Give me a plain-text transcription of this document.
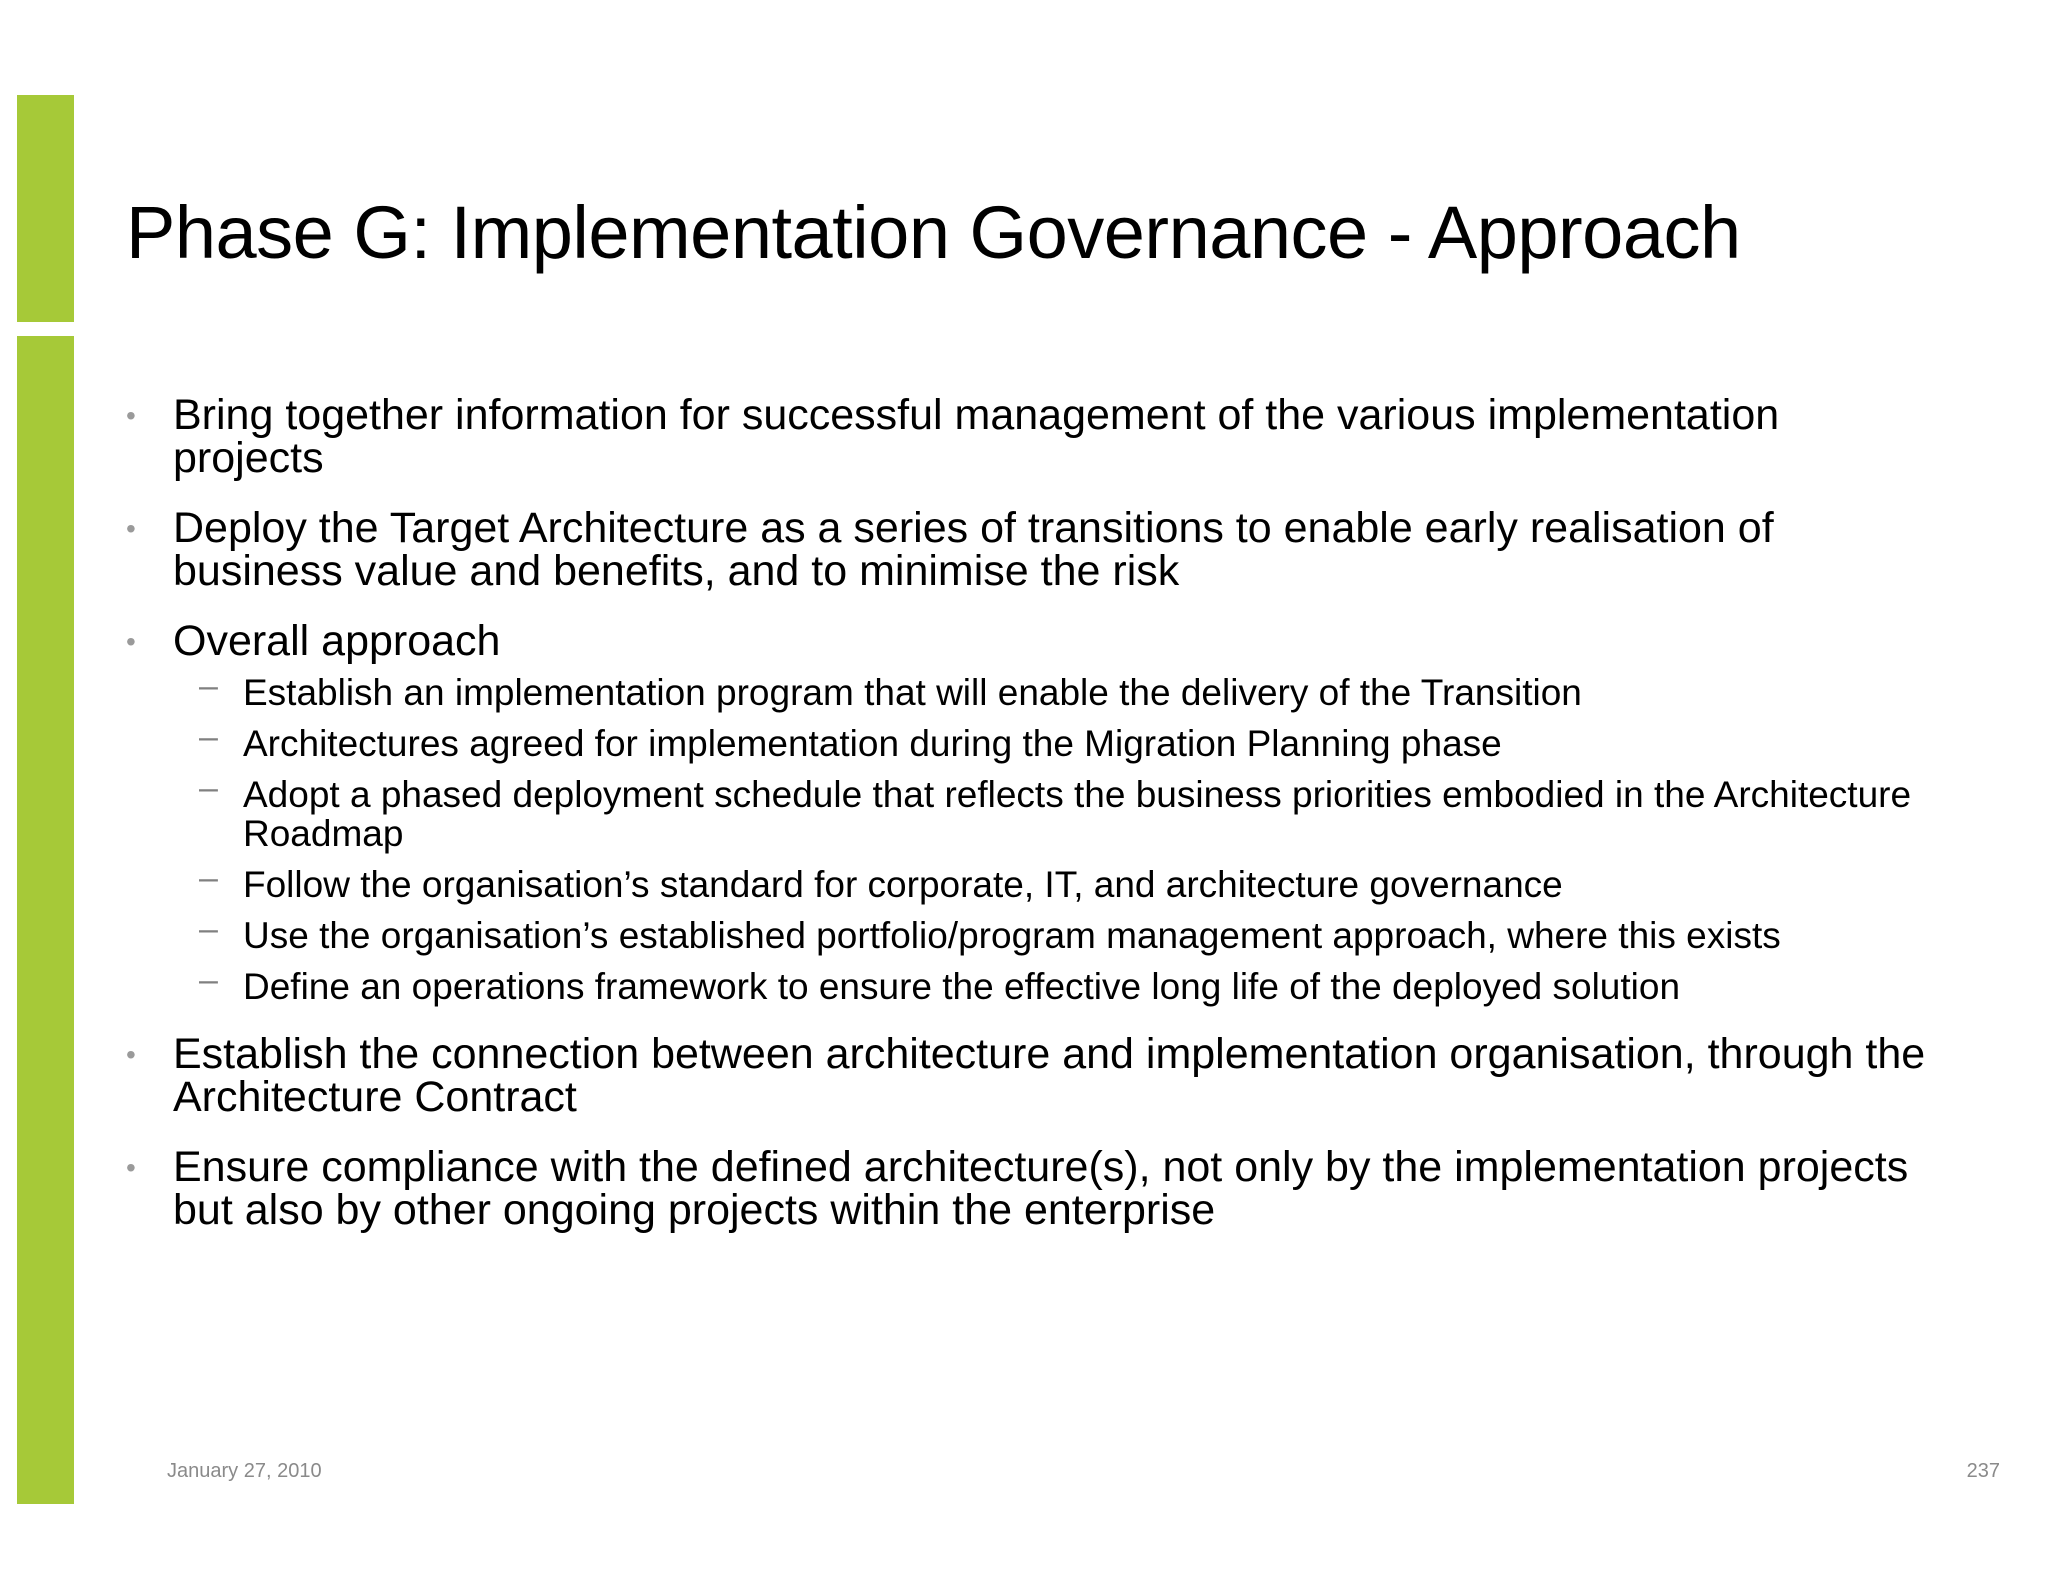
Phase G: Implementation Governance - Approach
• Bring together information for successful management of the various implementation projects
• Deploy the Target Architecture as a series of transitions to enable early realisation of business value and benefits, and to minimise the risk
• Overall approach
– Establish an implementation program that will enable the delivery of the Transition
– Architectures agreed for implementation during the Migration Planning phase
– Adopt a phased deployment schedule that reflects the business priorities embodied in the Architecture Roadmap
– Follow the organisation’s standard for corporate, IT, and architecture governance
– Use the organisation’s established portfolio/program management approach, where this exists
– Define an operations framework to ensure the effective long life of the deployed solution
• Establish the connection between architecture and implementation organisation, through the Architecture Contract
• Ensure compliance with the defined architecture(s), not only by the implementation projects but also by other ongoing projects within the enterprise
January 27, 2010	237
